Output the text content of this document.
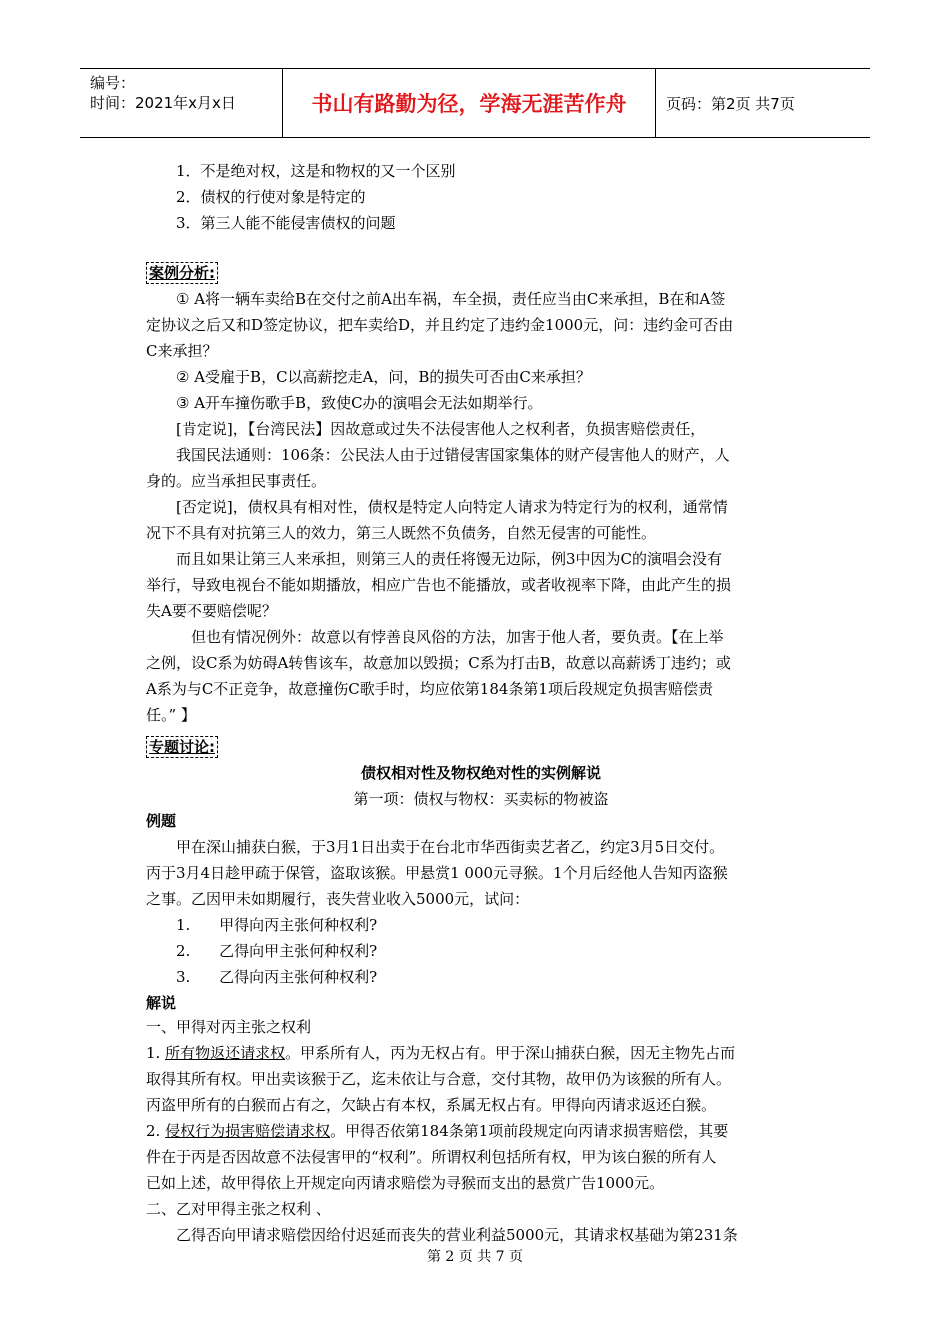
编号：
时间：2021年x月x日	书山有路勤为径，学海无涯苦作舟	页码：第2页 共7页
1．不是绝对权，这是和物权的又一个区别
2．债权的行使对象是特定的
3．第三人能不能侵害债权的问题
案例分析:
① A将一辆车卖给B在交付之前A出车祸，车全损，责任应当由C来承担，B在和A签
定协议之后又和D签定协议，把车卖给D，并且约定了违约金1000元，问：违约金可否由
C来承担？
② A受雇于B，C以高薪挖走A，问，B的损失可否由C来承担？
③ A开车撞伤歌手B，致使C办的演唱会无法如期举行。
[肯定说]，【台湾民法】因故意或过失不法侵害他人之权利者，负损害赔偿责任，
我国民法通则：106条：公民法人由于过错侵害国家集体的财产侵害他人的财产，人
身的。应当承担民事责任。
[否定说]，债权具有相对性，债权是特定人向特定人请求为特定行为的权利，通常情
况下不具有对抗第三人的效力，第三人既然不负债务，自然无侵害的可能性。
而且如果让第三人来承担，则第三人的责任将馒无边际，例3中因为C的演唱会没有
举行，导致电视台不能如期播放，相应广告也不能播放，或者收视率下降，由此产生的损
失A要不要赔偿呢？
但也有情况例外：故意以有悖善良风俗的方法，加害于他人者，要负责。【在上举
之例，设C系为妨碍A转售该车，故意加以毁损；C系为打击B，故意以高薪诱丁违约；或
A系为与C不正竞争，故意撞伤C歌手时，均应依第184条第1项后段规定负损害赔偿责
任。” 】
专题讨论:
债权相对性及物权绝对性的实例解说
第一项：债权与物权：买卖标的物被盗
例题
甲在深山捕获白猴，于3月1日出卖于在台北市华西街卖艺者乙，约定3月5日交付。
丙于3月4日趁甲疏于保管，盗取该猴。甲悬赏1 000元寻猴。1个月后经他人告知丙盗猴
之事。乙因甲未如期履行，丧失营业收入5000元，试问：
1. 甲得向丙主张何种权利?
2. 乙得向甲主张何种权利?
3. 乙得向丙主张何种权利?
解说
一、甲得对丙主张之权利
1. 所有物返还请求权。甲系所有人，丙为无权占有。甲于深山捕获白猴，因无主物先占而
取得其所有权。甲出卖该猴于乙，迄未依让与合意，交付其物，故甲仍为该猴的所有人。
丙盗甲所有的白猴而占有之，欠缺占有本权，系属无权占有。甲得向丙请求返还白猴。
2. 侵权行为损害赔偿请求权。甲得否依第184条第1项前段规定向丙请求损害赔偿，其要
件在于丙是否因故意不法侵害甲的“权利”。所谓权利包括所有权，甲为该白猴的所有人
已如上述，故甲得依上开规定向丙请求赔偿为寻猴而支出的悬赏广告1000元。
二、乙对甲得主张之权利 、
乙得否向甲请求赔偿因给付迟延而丧失的营业利益5000元，其请求权基础为第231条
第 2 页 共 7 页
